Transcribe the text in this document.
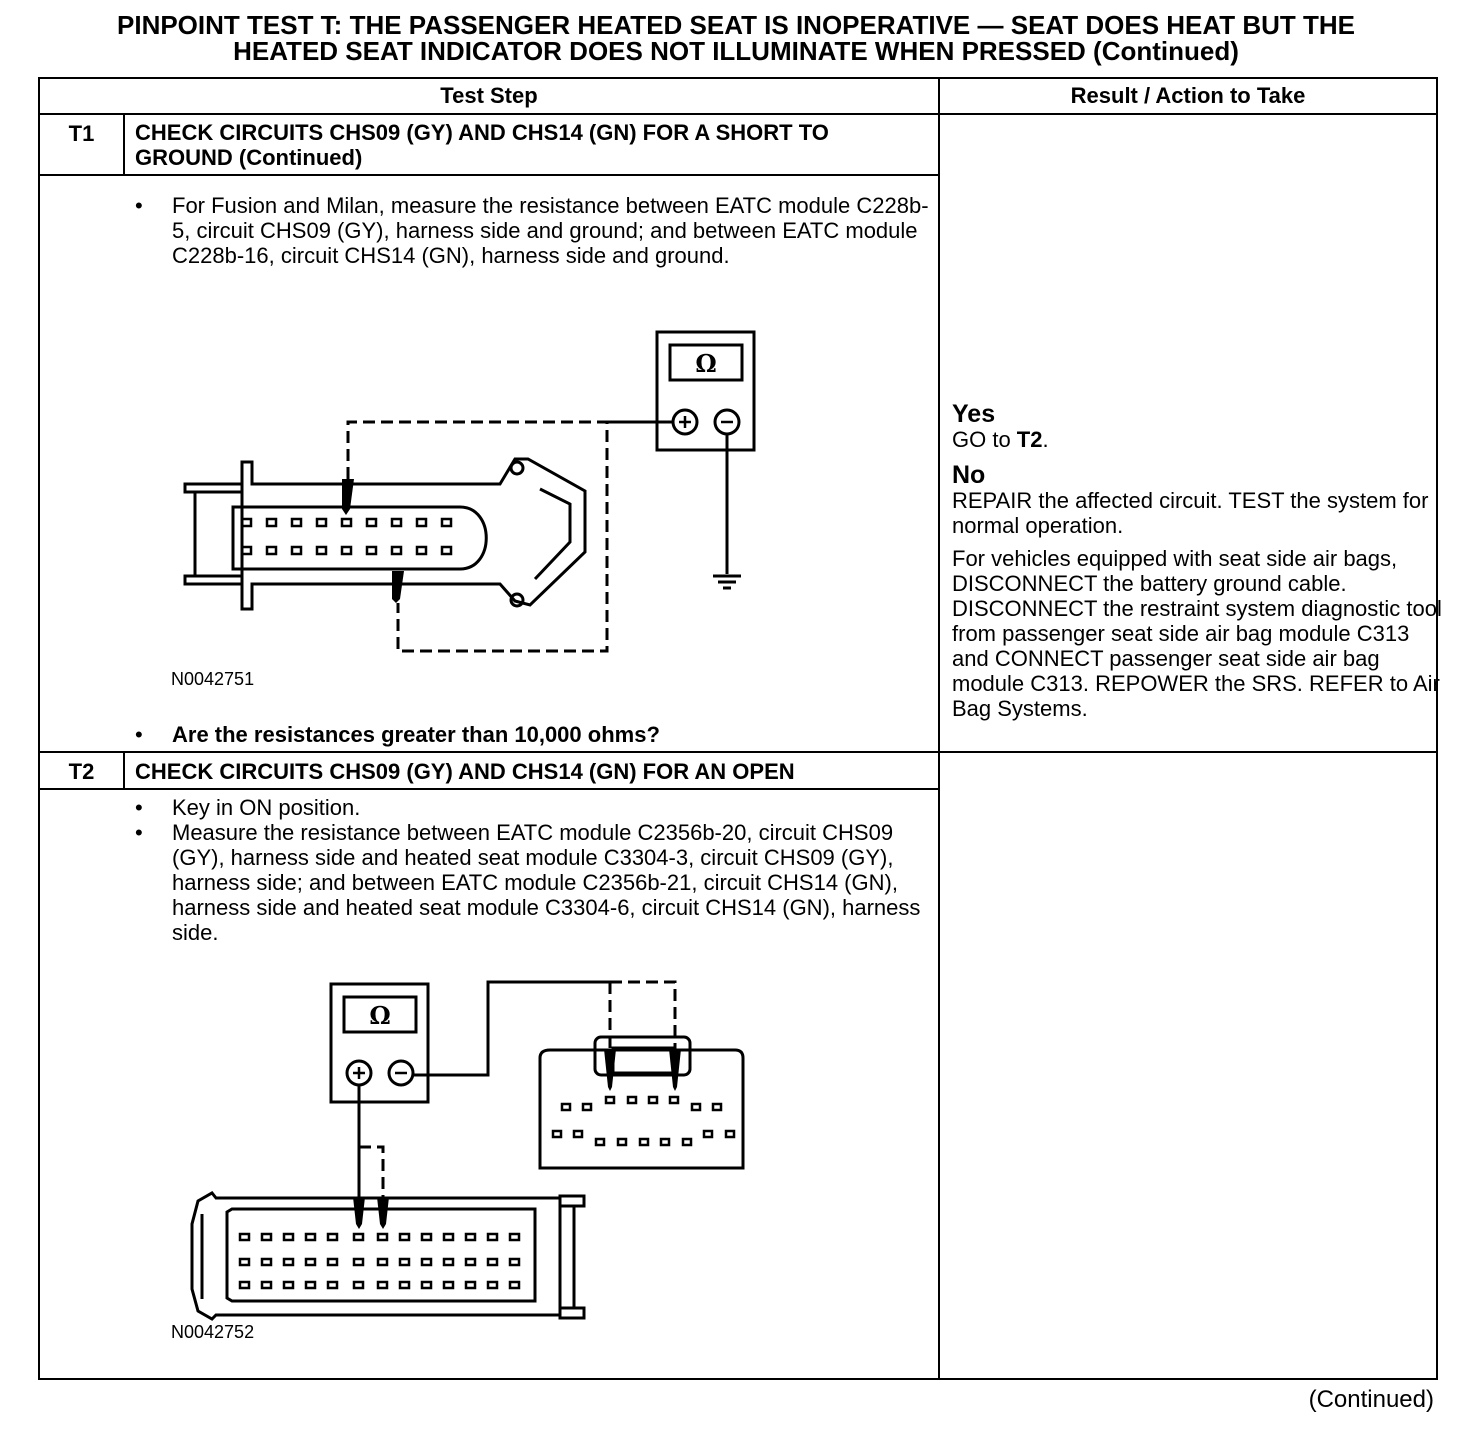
PINPOINT TEST T: THE PASSENGER HEATED SEAT IS INOPERATIVE — SEAT DOES HEAT BUT THE
HEATED SEAT INDICATOR DOES NOT ILLUMINATE WHEN PRESSED (Continued)
Test Step	Result / Action to Take
T1	CHECK CIRCUITS CHS09 (GY) AND CHS14 (GN) FOR A SHORT TO GROUND (Continued)
• For Fusion and Milan, measure the resistance between EATC module C228b-5, circuit CHS09 (GY), harness side and ground; and between EATC module C228b-16, circuit CHS14 (GN), harness side and ground.
Ω
N0042751
• Are the resistances greater than 10,000 ohms?
Yes
GO to T2.
No
REPAIR the affected circuit. TEST the system for normal operation.
For vehicles equipped with seat side air bags, DISCONNECT the battery ground cable. DISCONNECT the restraint system diagnostic tool from passenger seat side air bag module C313 and CONNECT passenger seat side air bag module C313. REPOWER the SRS. REFER to Air Bag Systems.
T2	CHECK CIRCUITS CHS09 (GY) AND CHS14 (GN) FOR AN OPEN
• Key in ON position.
• Measure the resistance between EATC module C2356b-20, circuit CHS09 (GY), harness side and heated seat module C3304-3, circuit CHS09 (GY), harness side; and between EATC module C2356b-21, circuit CHS14 (GN), harness side and heated seat module C3304-6, circuit CHS14 (GN), harness side.
Ω
N0042752
(Continued)
